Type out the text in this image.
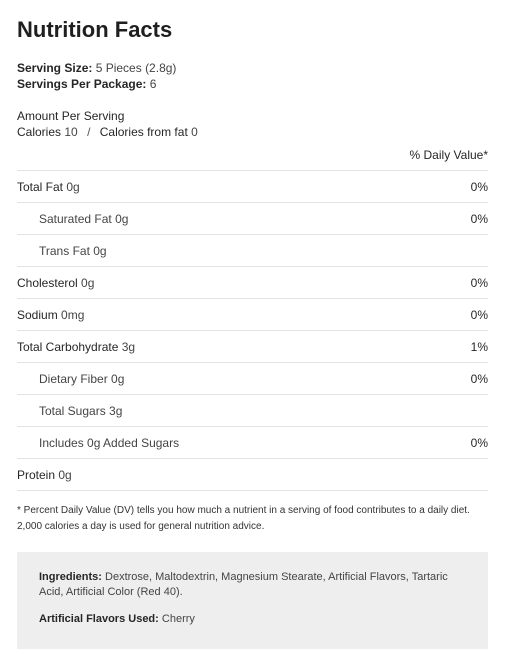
Nutrition Facts
Serving Size: 5 Pieces (2.8g)
Servings Per Package: 6
Amount Per Serving
Calories 10 / Calories from fat 0
% Daily Value*
Total Fat 0g	0%
Saturated Fat 0g	0%
Trans Fat 0g
Cholesterol 0g	0%
Sodium 0mg	0%
Total Carbohydrate 3g	1%
Dietary Fiber 0g	0%
Total Sugars 3g
Includes 0g Added Sugars	0%
Protein 0g
* Percent Daily Value (DV) tells you how much a nutrient in a serving of food contributes to a daily diet. 2,000 calories a day is used for general nutrition advice.
Ingredients: Dextrose, Maltodextrin, Magnesium Stearate, Artificial Flavors, Tartaric Acid, Artificial Color (Red 40).
Artificial Flavors Used: Cherry
